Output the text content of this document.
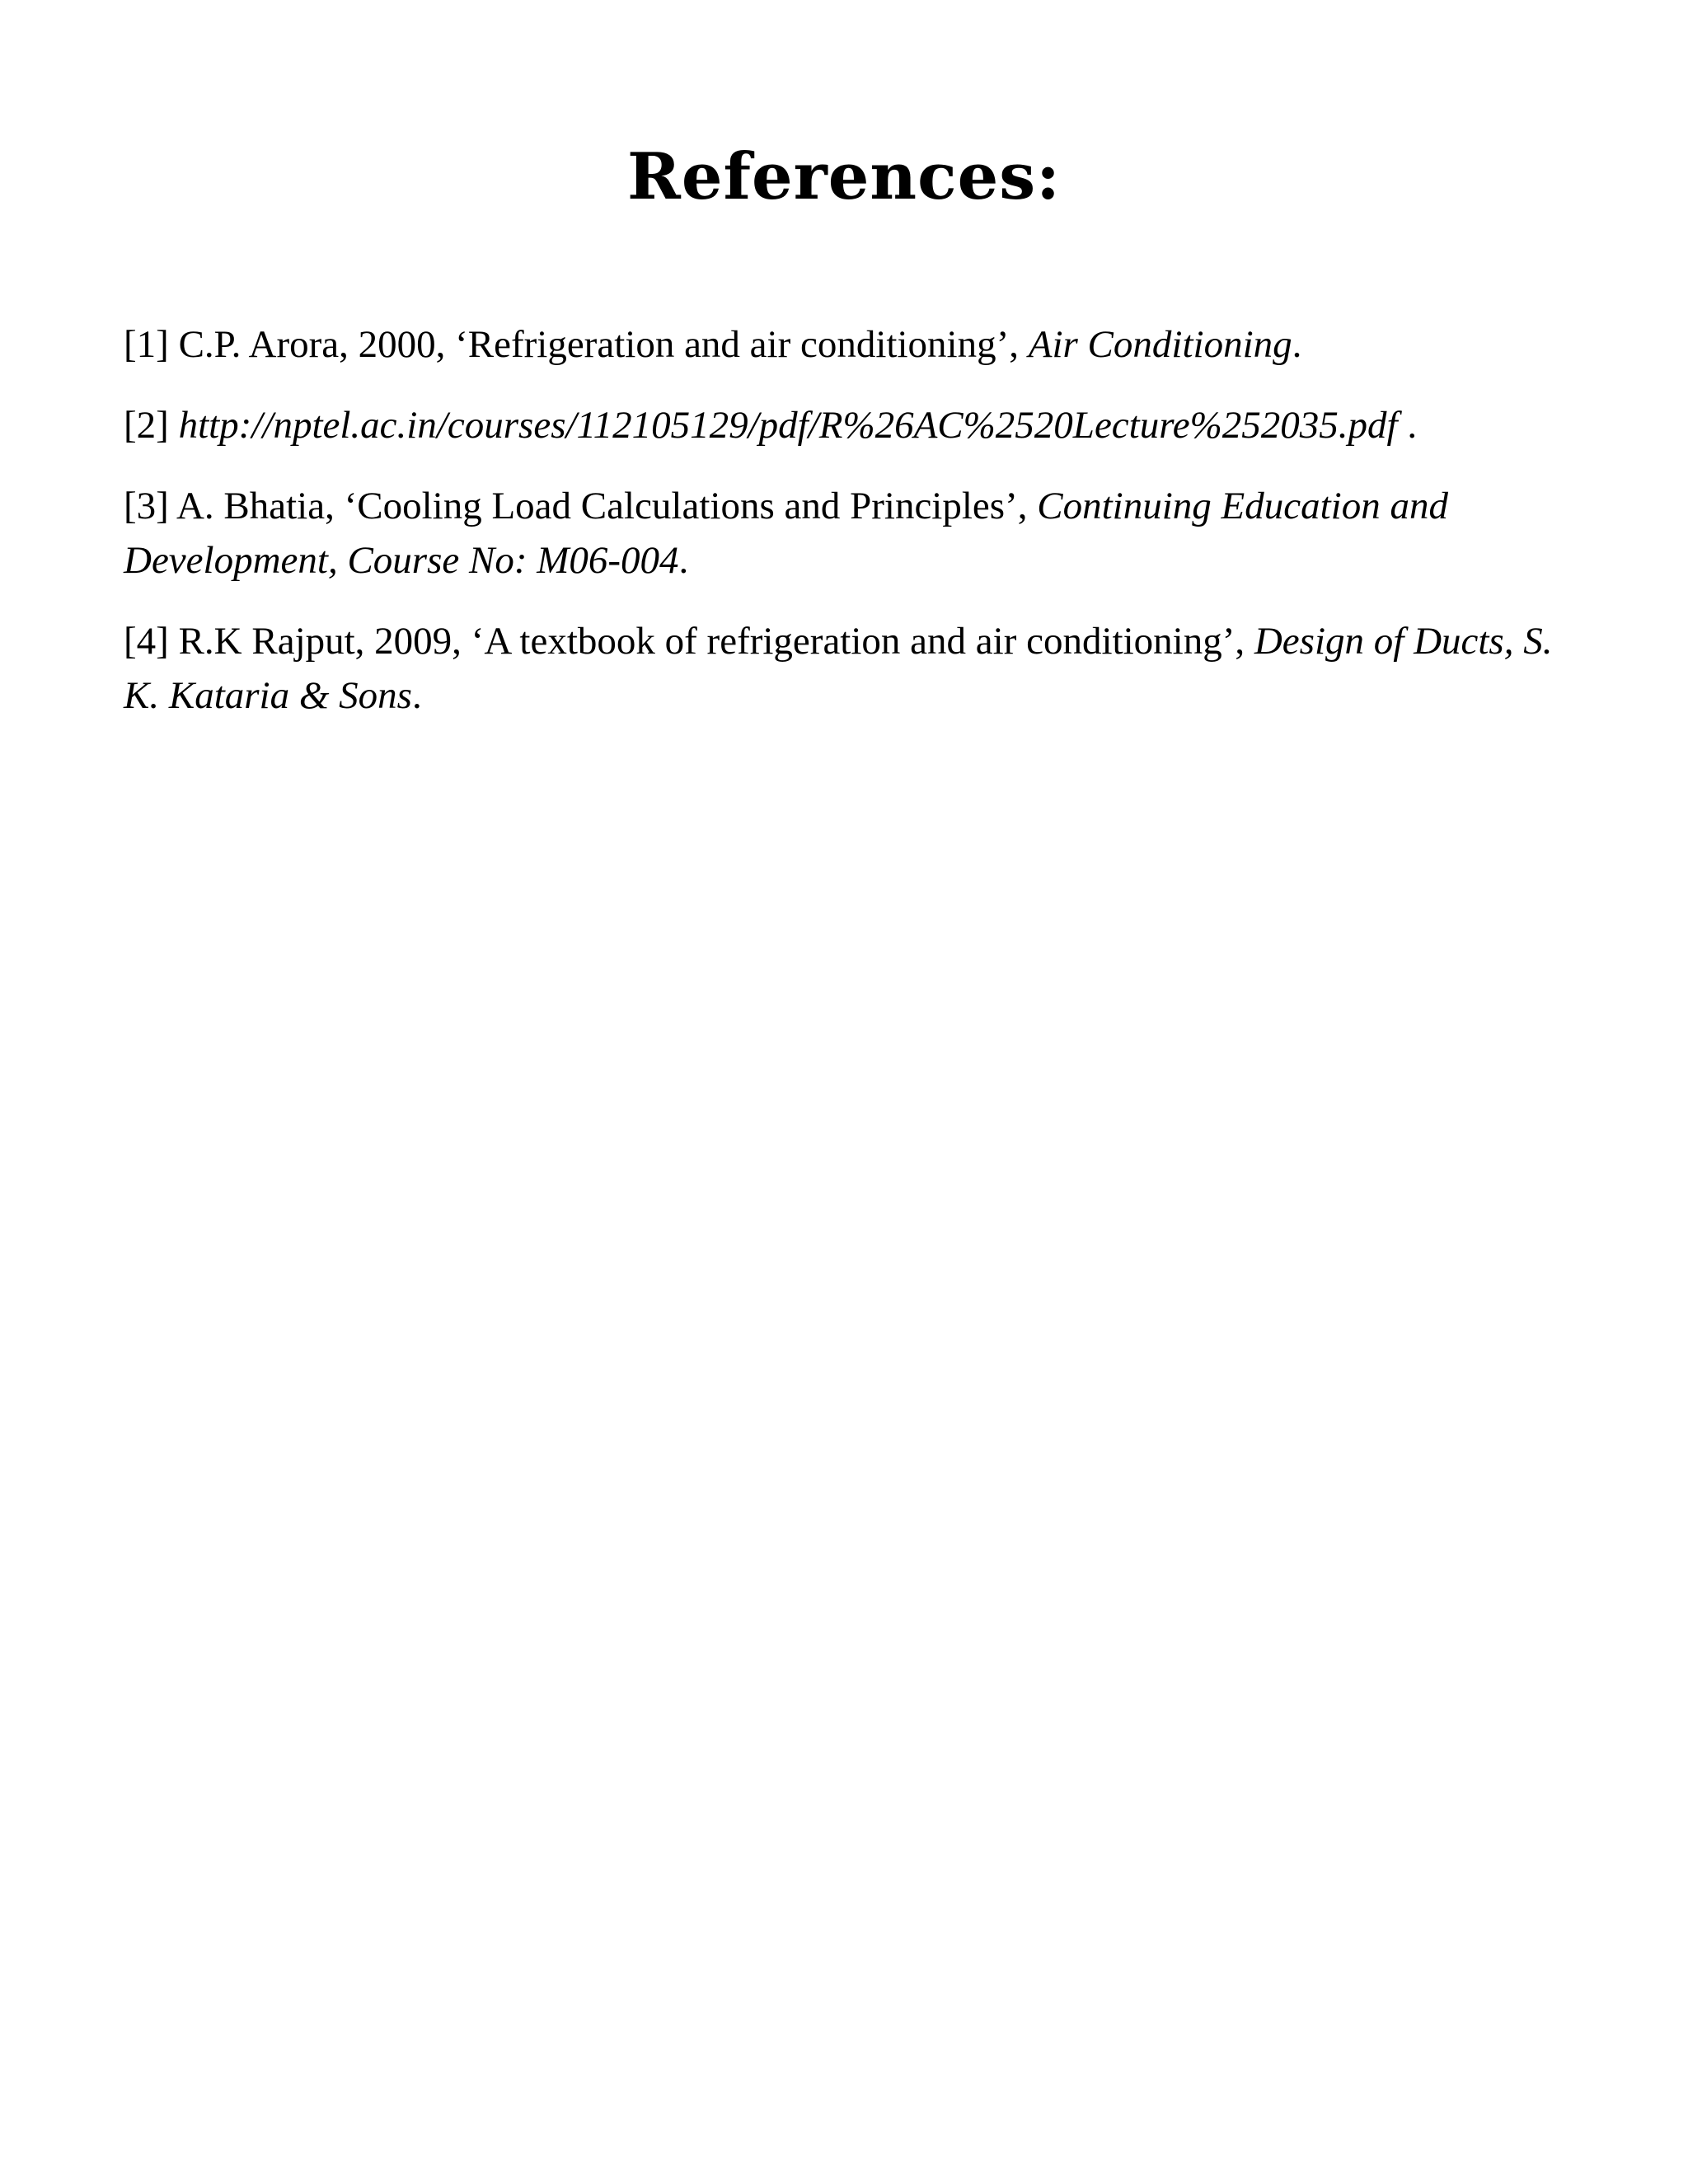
References:
[1] C.P. Arora, 2000, ‘Refrigeration and air conditioning’, Air Conditioning.
[2] http://nptel.ac.in/courses/112105129/pdf/R%26AC%2520Lecture%252035.pdf .
[3] A. Bhatia, ‘Cooling Load Calculations and Principles’, Continuing Education and Development, Course No: M06-004.
[4] R.K Rajput, 2009, ‘A textbook of refrigeration and air conditioning’, Design of Ducts, S. K. Kataria & Sons.
